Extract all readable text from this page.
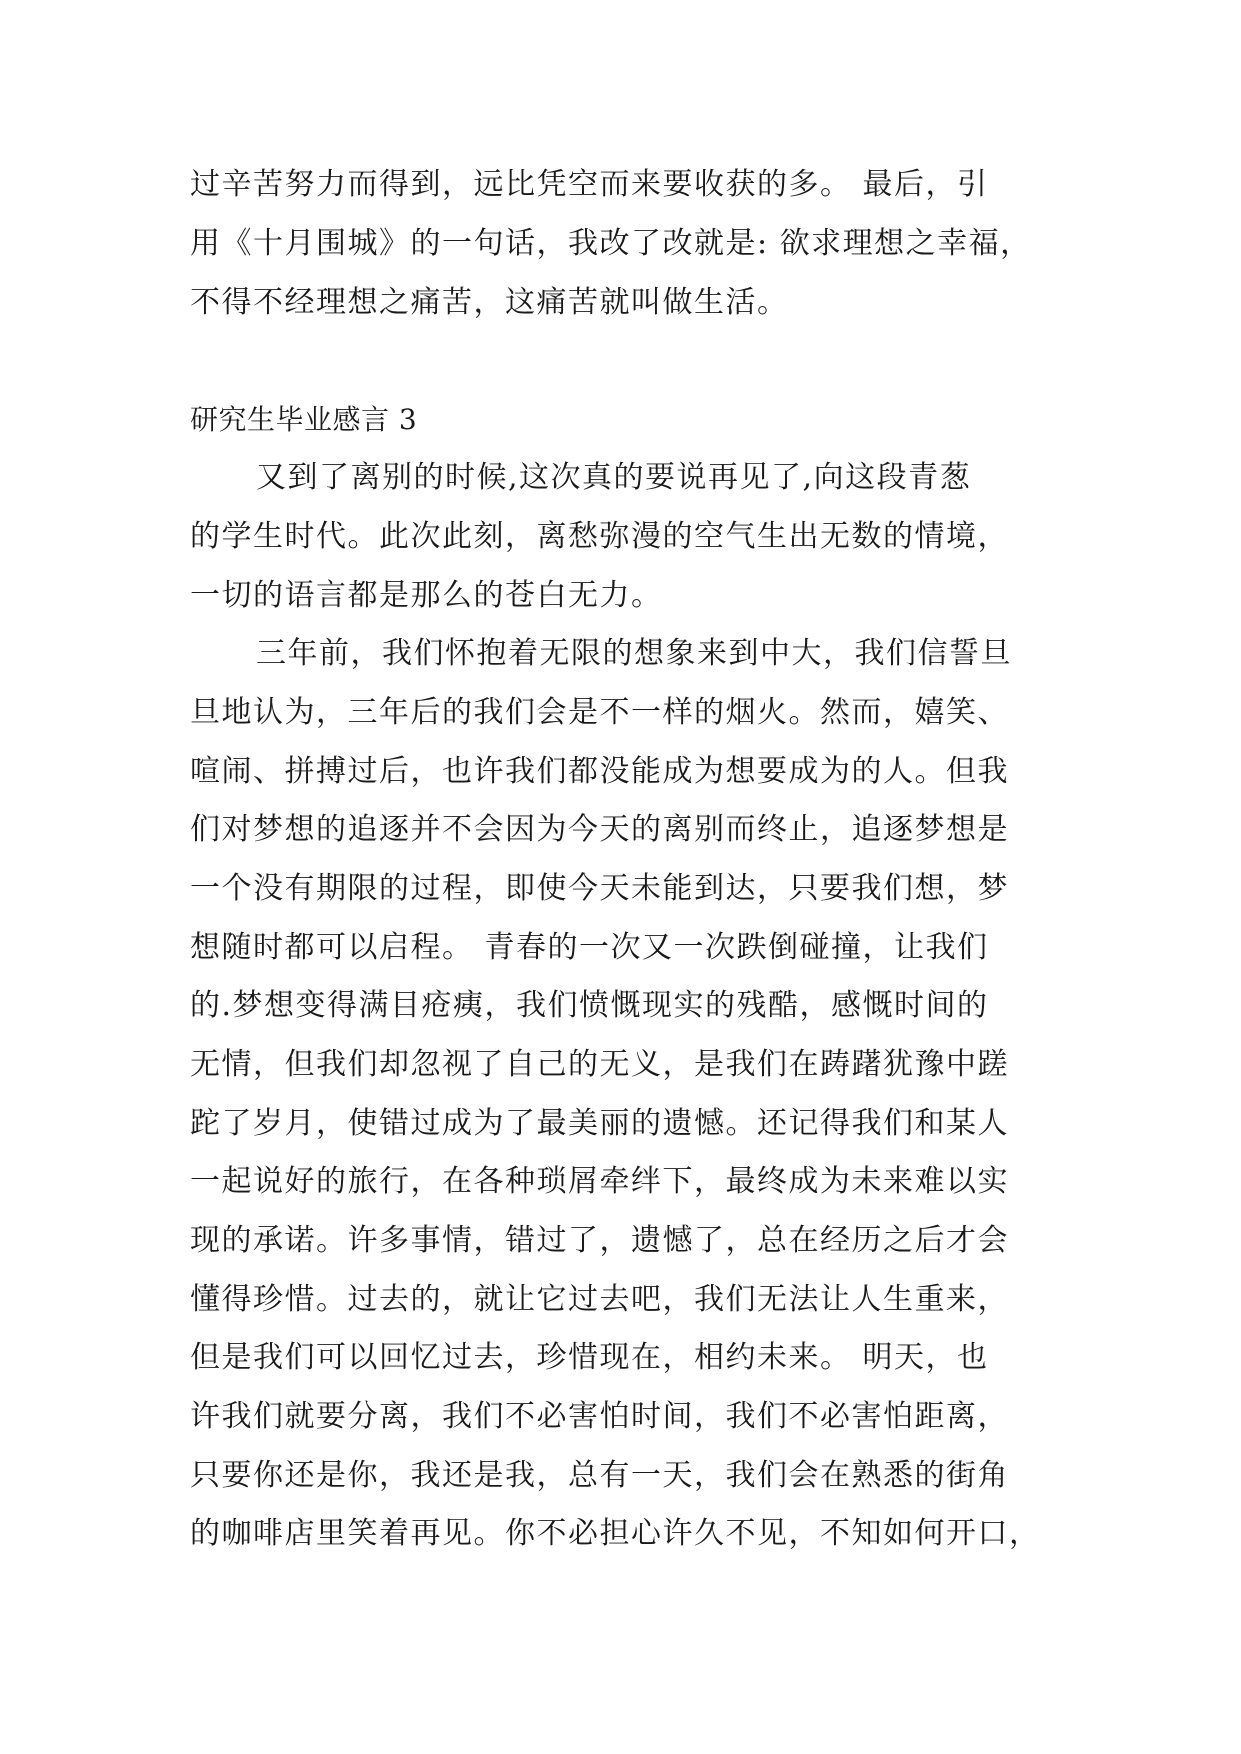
过辛苦努力而得到，远比凭空而来要收获的多。 最后，引
用《十月围城》的一句话，我改了改就是: 欲求理想之幸福，
不得不经理想之痛苦，这痛苦就叫做生活。
研究生毕业感言 3
又到了离别的时候,这次真的要说再见了,向这段青葱
的学生时代。此次此刻，离愁弥漫的空气生出无数的情境，
一切的语言都是那么的苍白无力。
三年前，我们怀抱着无限的想象来到中大，我们信誓旦
旦地认为，三年后的我们会是不一样的烟火。然而，嬉笑、
喧闹、拼搏过后，也许我们都没能成为想要成为的人。但我
们对梦想的追逐并不会因为今天的离别而终止，追逐梦想是
一个没有期限的过程，即使今天未能到达，只要我们想，梦
想随时都可以启程。 青春的一次又一次跌倒碰撞，让我们
的.梦想变得满目疮痍，我们愤慨现实的残酷，感慨时间的
无情，但我们却忽视了自己的无义，是我们在踌躇犹豫中蹉
跎了岁月，使错过成为了最美丽的遗憾。还记得我们和某人
一起说好的旅行，在各种琐屑牵绊下，最终成为未来难以实
现的承诺。许多事情，错过了，遗憾了，总在经历之后才会
懂得珍惜。过去的，就让它过去吧，我们无法让人生重来，
但是我们可以回忆过去，珍惜现在，相约未来。 明天，也
许我们就要分离，我们不必害怕时间，我们不必害怕距离，
只要你还是你，我还是我，总有一天，我们会在熟悉的街角
的咖啡店里笑着再见。你不必担心许久不见，不知如何开口，
